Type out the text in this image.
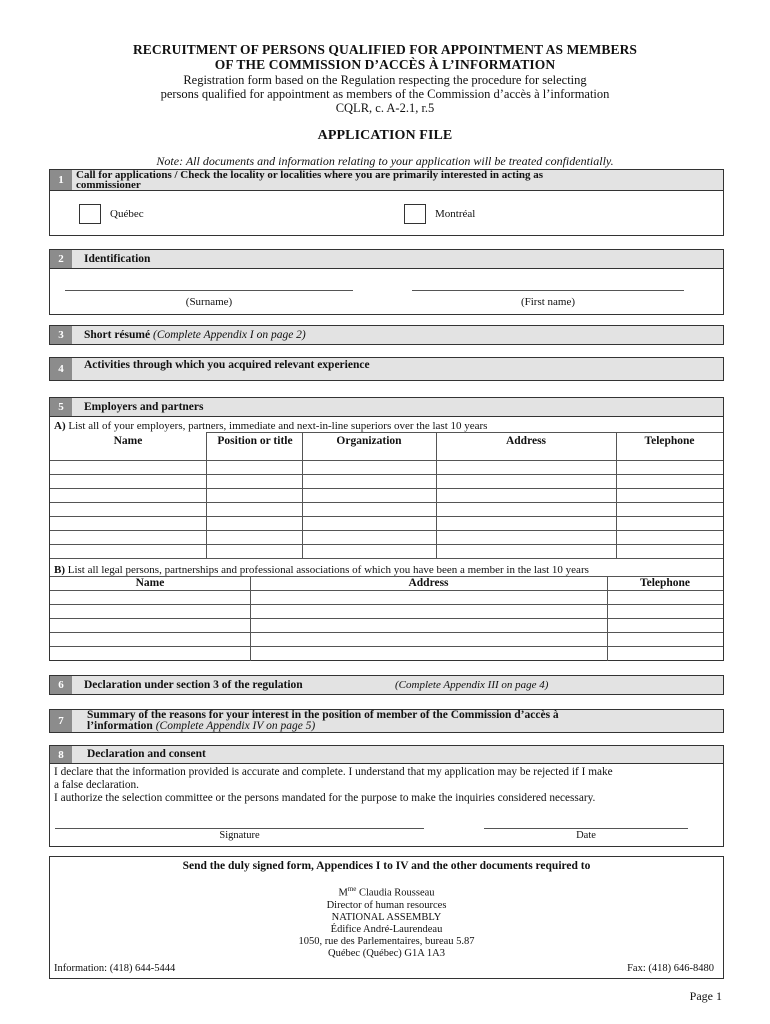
RECRUITMENT OF PERSONS QUALIFIED FOR APPOINTMENT AS MEMBERS
OF THE COMMISSION D’ACCÈS À L’INFORMATION
Registration form based on the Regulation respecting the procedure for selecting
persons qualified for appointment as members of the Commission d’accès à l’information
CQLR, c. A-2.1, r.5
APPLICATION FILE
Note: All documents and information relating to your application will be treated confidentially.
1	Call for applications / Check the locality or localities where you are primarily interested in acting as
commissioner
Québec	Montréal
2	Identification
(Surname)	(First name)
3	Short résumé (Complete Appendix I on page 2)
4	Activities through which you acquired relevant experience
5	Employers and partners
A) List all of your employers, partners, immediate and next-in-line superiors over the last 10 years

Name	Position or title	Organization	Address	Telephone
B) List all legal persons, partnerships and professional associations of which you have been a member in the last 10 years

Name	Address	Telephone
6	Declaration under section 3 of the regulation	(Complete Appendix III on page 4)
7	Summary of the reasons for your interest in the position of member of the Commission d’accès à
l’information (Complete Appendix IV on page 5)
8	Declaration and consent
I declare that the information provided is accurate and complete. I understand that my application may be rejected if I make
a false declaration.
I authorize the selection committee or the persons mandated for the purpose to make the inquiries considered necessary.
Signature	Date
Send the duly signed form, Appendices I to IV and the other documents required to
$M^{me}$ Claudia Rousseau
Director of human resources
NATIONAL ASSEMBLY
Édifice André-Laurendeau
1050, rue des Parlementaires, bureau 5.87
Québec (Québec) G1A 1A3
Information: (418) 644-5444	Fax: (418) 646-8480
Page 1
